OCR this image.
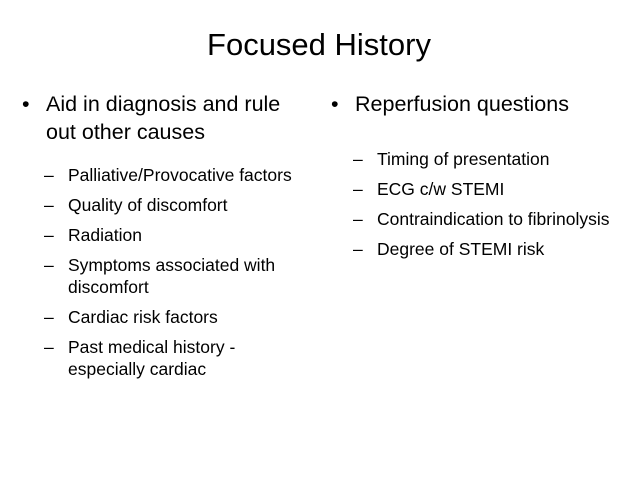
Focused History
• Aid in diagnosis and rule out other causes
– Palliative/Provocative factors
– Quality of discomfort
– Radiation
– Symptoms associated with discomfort
– Cardiac risk factors
– Past medical history - especially cardiac
• Reperfusion questions
– Timing of presentation
– ECG c/w STEMI
– Contraindication to fibrinolysis
– Degree of STEMI risk
